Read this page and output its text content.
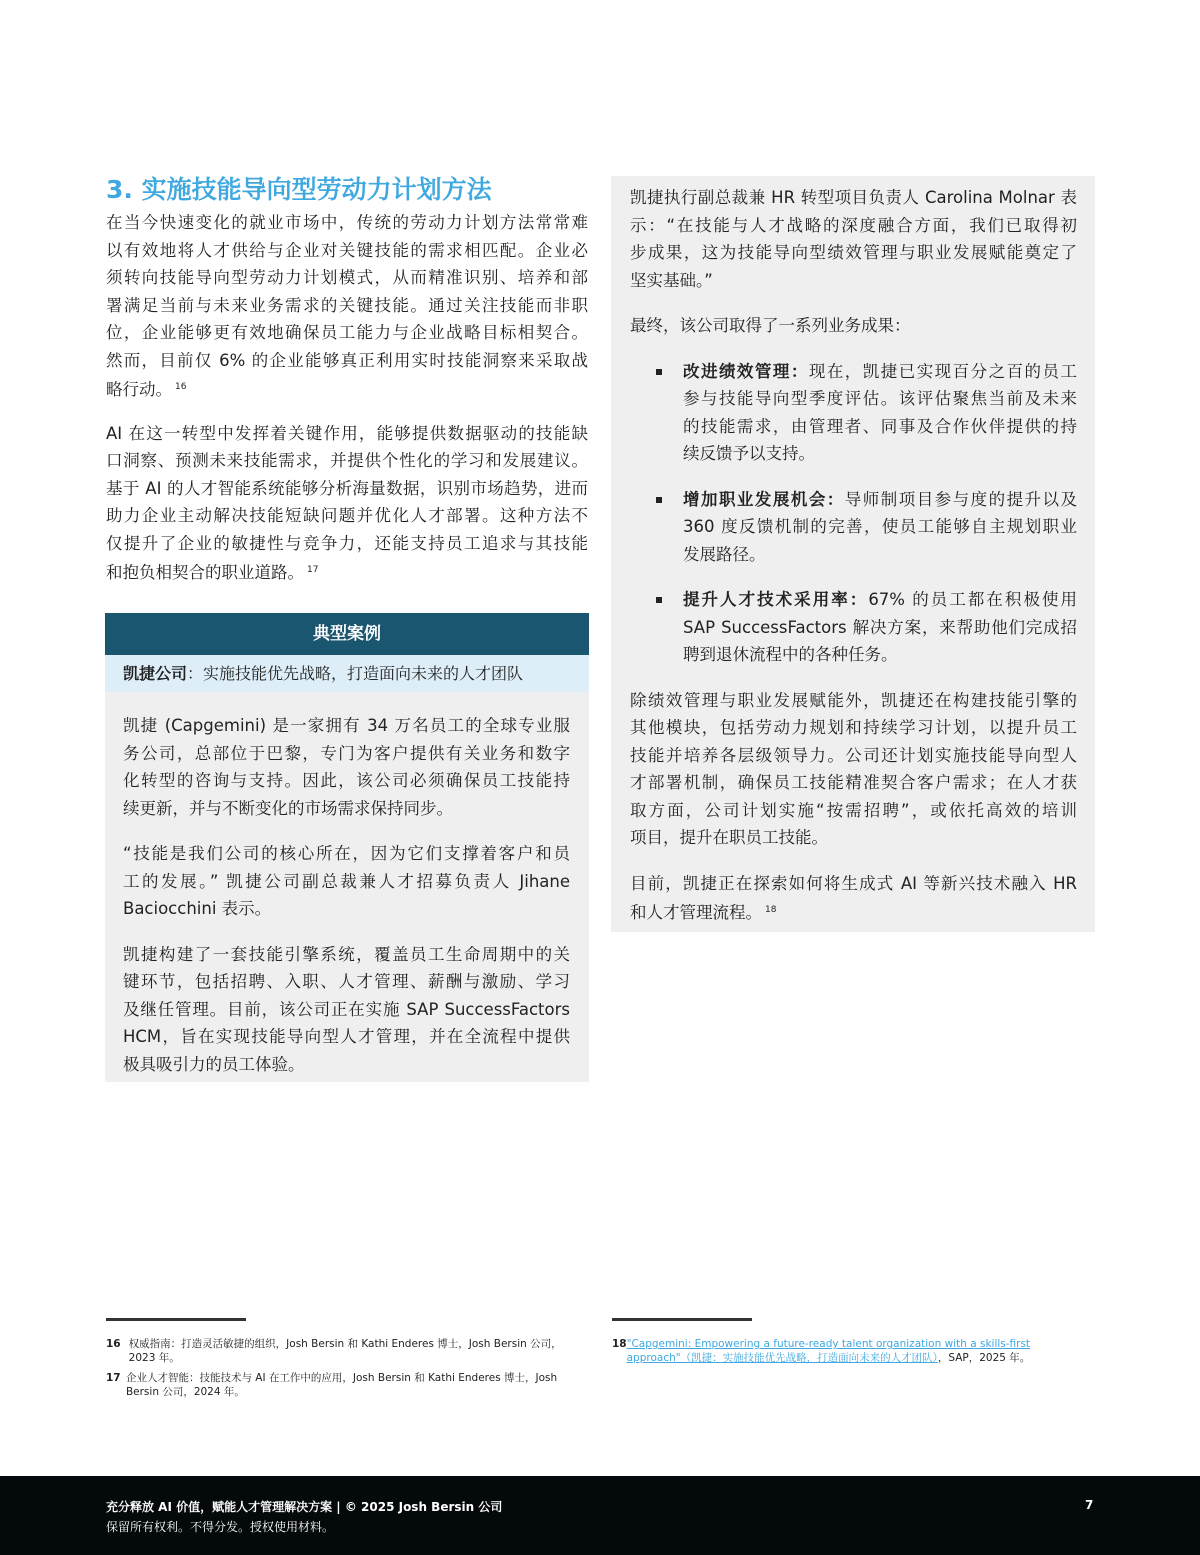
3. 实施技能导向型劳动力计划方法
在当今快速变化的就业市场中，传统的劳动力计划方法常常难
以有效地将人才供给与企业对关键技能的需求相匹配。企业必
须转向技能导向型劳动力计划模式，从而精准识别、培养和部
署满足当前与未来业务需求的关键技能。通过关注技能而非职
位，企业能够更有效地确保员工能力与企业战略目标相契合。
然而，目前仅 6% 的企业能够真正利用实时技能洞察来采取战
略行动。 $^{16}$
AI 在这一转型中发挥着关键作用，能够提供数据驱动的技能缺
口洞察、预测未来技能需求，并提供个性化的学习和发展建议。
基于 AI 的人才智能系统能够分析海量数据，识别市场趋势，进而
助力企业主动解决技能短缺问题并优化人才部署。这种方法不
仅提升了企业的敏捷性与竞争力，还能支持员工追求与其技能
和抱负相契合的职业道路。 $^{17}$
典型案例
凯捷公司：实施技能优先战略，打造面向未来的人才团队
凯捷 (Capgemini) 是一家拥有 34 万名员工的全球专业服
务公司，总部位于巴黎，专门为客户提供有关业务和数字
化转型的咨询与支持。因此，该公司必须确保员工技能持
续更新，并与不断变化的市场需求保持同步。
“技能是我们公司的核心所在，因为它们支撑着客户和员
工的发展。” 凯捷公司副总裁兼人才招募负责人 Jihane
Baciocchini 表示。
凯捷构建了一套技能引擎系统，覆盖员工生命周期中的关
键环节，包括招聘、入职、人才管理、薪酬与激励、学习
及继任管理。目前，该公司正在实施 SAP SuccessFactors
HCM，旨在实现技能导向型人才管理，并在全流程中提供
极具吸引力的员工体验。
凯捷执行副总裁兼 HR 转型项目负责人 Carolina Molnar 表
示：“在技能与人才战略的深度融合方面，我们已取得初
步成果，这为技能导向型绩效管理与职业发展赋能奠定了
坚实基础。”
最终，该公司取得了一系列业务成果：
改进绩效管理：现在，凯捷已实现百分之百的员工
参与技能导向型季度评估。该评估聚焦当前及未来
的技能需求，由管理者、同事及合作伙伴提供的持
续反馈予以支持。
增加职业发展机会：导师制项目参与度的提升以及
360 度反馈机制的完善，使员工能够自主规划职业
发展路径。
提升人才技术采用率：67% 的员工都在积极使用
SAP SuccessFactors 解决方案，来帮助他们完成招
聘到退休流程中的各种任务。
除绩效管理与职业发展赋能外，凯捷还在构建技能引擎的
其他模块，包括劳动力规划和持续学习计划，以提升员工
技能并培养各层级领导力。公司还计划实施技能导向型人
才部署机制，确保员工技能精准契合客户需求；在人才获
取方面，公司计划实施“按需招聘”，或依托高效的培训
项目，提升在职员工技能。
目前，凯捷正在探索如何将生成式 AI 等新兴技术融入 HR
和人才管理流程。 $^{18}$
16 权威指南：打造灵活敏捷的组织，Josh Bersin 和 Kathi Enderes 博士，Josh Bersin 公司，2023 年。
17 企业人才智能：技能技术与 AI 在工作中的应用，Josh Bersin 和 Kathi Enderes 博士，Josh Bersin 公司，2024 年。
18 "Capgemini: Empowering a future-ready talent organization with a skills-first approach"（凯捷：实施技能优先战略，打造面向未来的人才团队），SAP，2025 年。
充分释放 AI 价值，赋能人才管理解决方案 | © 2025 Josh Bersin 公司
保留所有权利。不得分发。授权使用材料。
7
